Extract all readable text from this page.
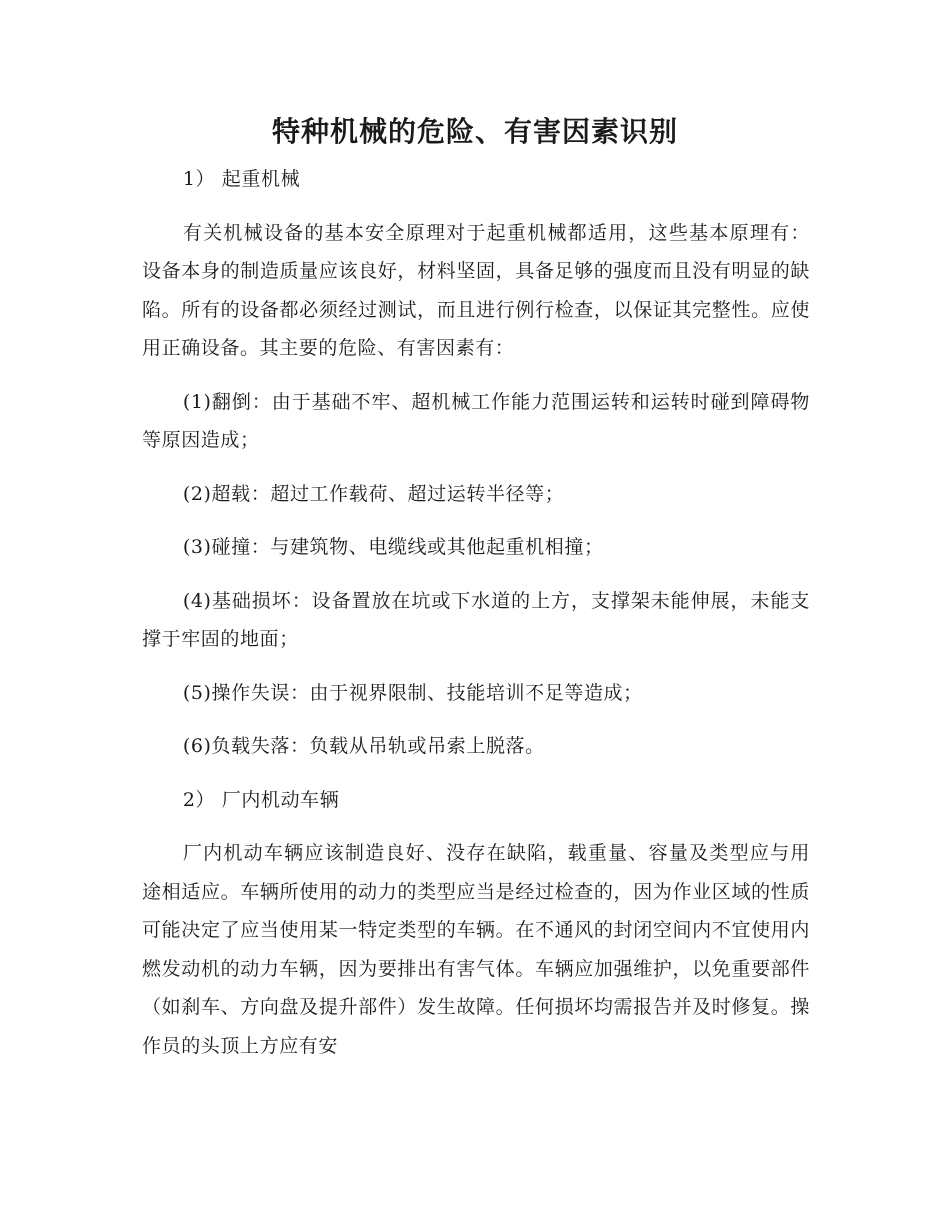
特种机械的危险、有害因素识别

1） 起重机械

有关机械设备的基本安全原理对于起重机械都适用，这些基本原理有：设备本身的制造质量应该良好，材料坚固，具备足够的强度而且没有明显的缺陷。所有的设备都必须经过测试，而且进行例行检查，以保证其完整性。应使用正确设备。其主要的危险、有害因素有：

(1)翻倒：由于基础不牢、超机械工作能力范围运转和运转时碰到障碍物等原因造成；

(2)超载：超过工作载荷、超过运转半径等；

(3)碰撞：与建筑物、电缆线或其他起重机相撞；

(4)基础损坏：设备置放在坑或下水道的上方，支撑架未能伸展，未能支撑于牢固的地面；

(5)操作失误：由于视界限制、技能培训不足等造成；

(6)负载失落：负载从吊轨或吊索上脱落。

2） 厂内机动车辆

厂内机动车辆应该制造良好、没存在缺陷，载重量、容量及类型应与用途相适应。车辆所使用的动力的类型应当是经过检查的，因为作业区域的性质可能决定了应当使用某一特定类型的车辆。在不通风的封闭空间内不宜使用内燃发动机的动力车辆，因为要排出有害气体。车辆应加强维护，以免重要部件（如刹车、方向盘及提升部件）发生故障。任何损坏均需报告并及时修复。操作员的头顶上方应有安
